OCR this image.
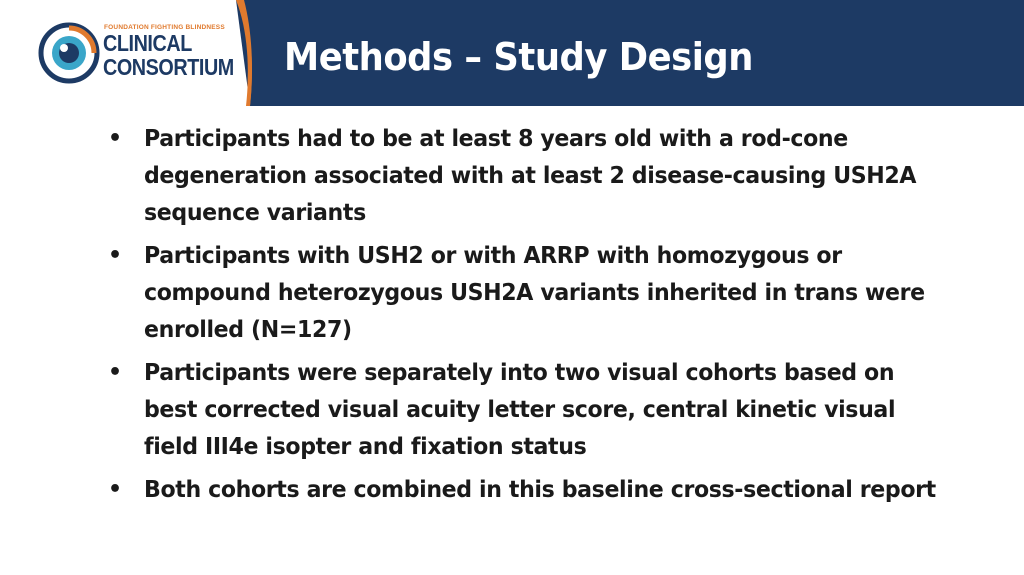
FOUNDATION FIGHTING BLINDNESS
CLINICAL
CONSORTIUM Methods – Study Design
• Participants had to be at least 8 years old with a rod-cone degeneration associated with at least 2 disease-causing USH2A sequence variants
• Participants with USH2 or with ARRP with homozygous or compound heterozygous USH2A variants inherited in trans were enrolled (N=127)
• Participants were separately into two visual cohorts based on best corrected visual acuity letter score, central kinetic visual field III4e isopter and fixation status
• Both cohorts are combined in this baseline cross-sectional report
